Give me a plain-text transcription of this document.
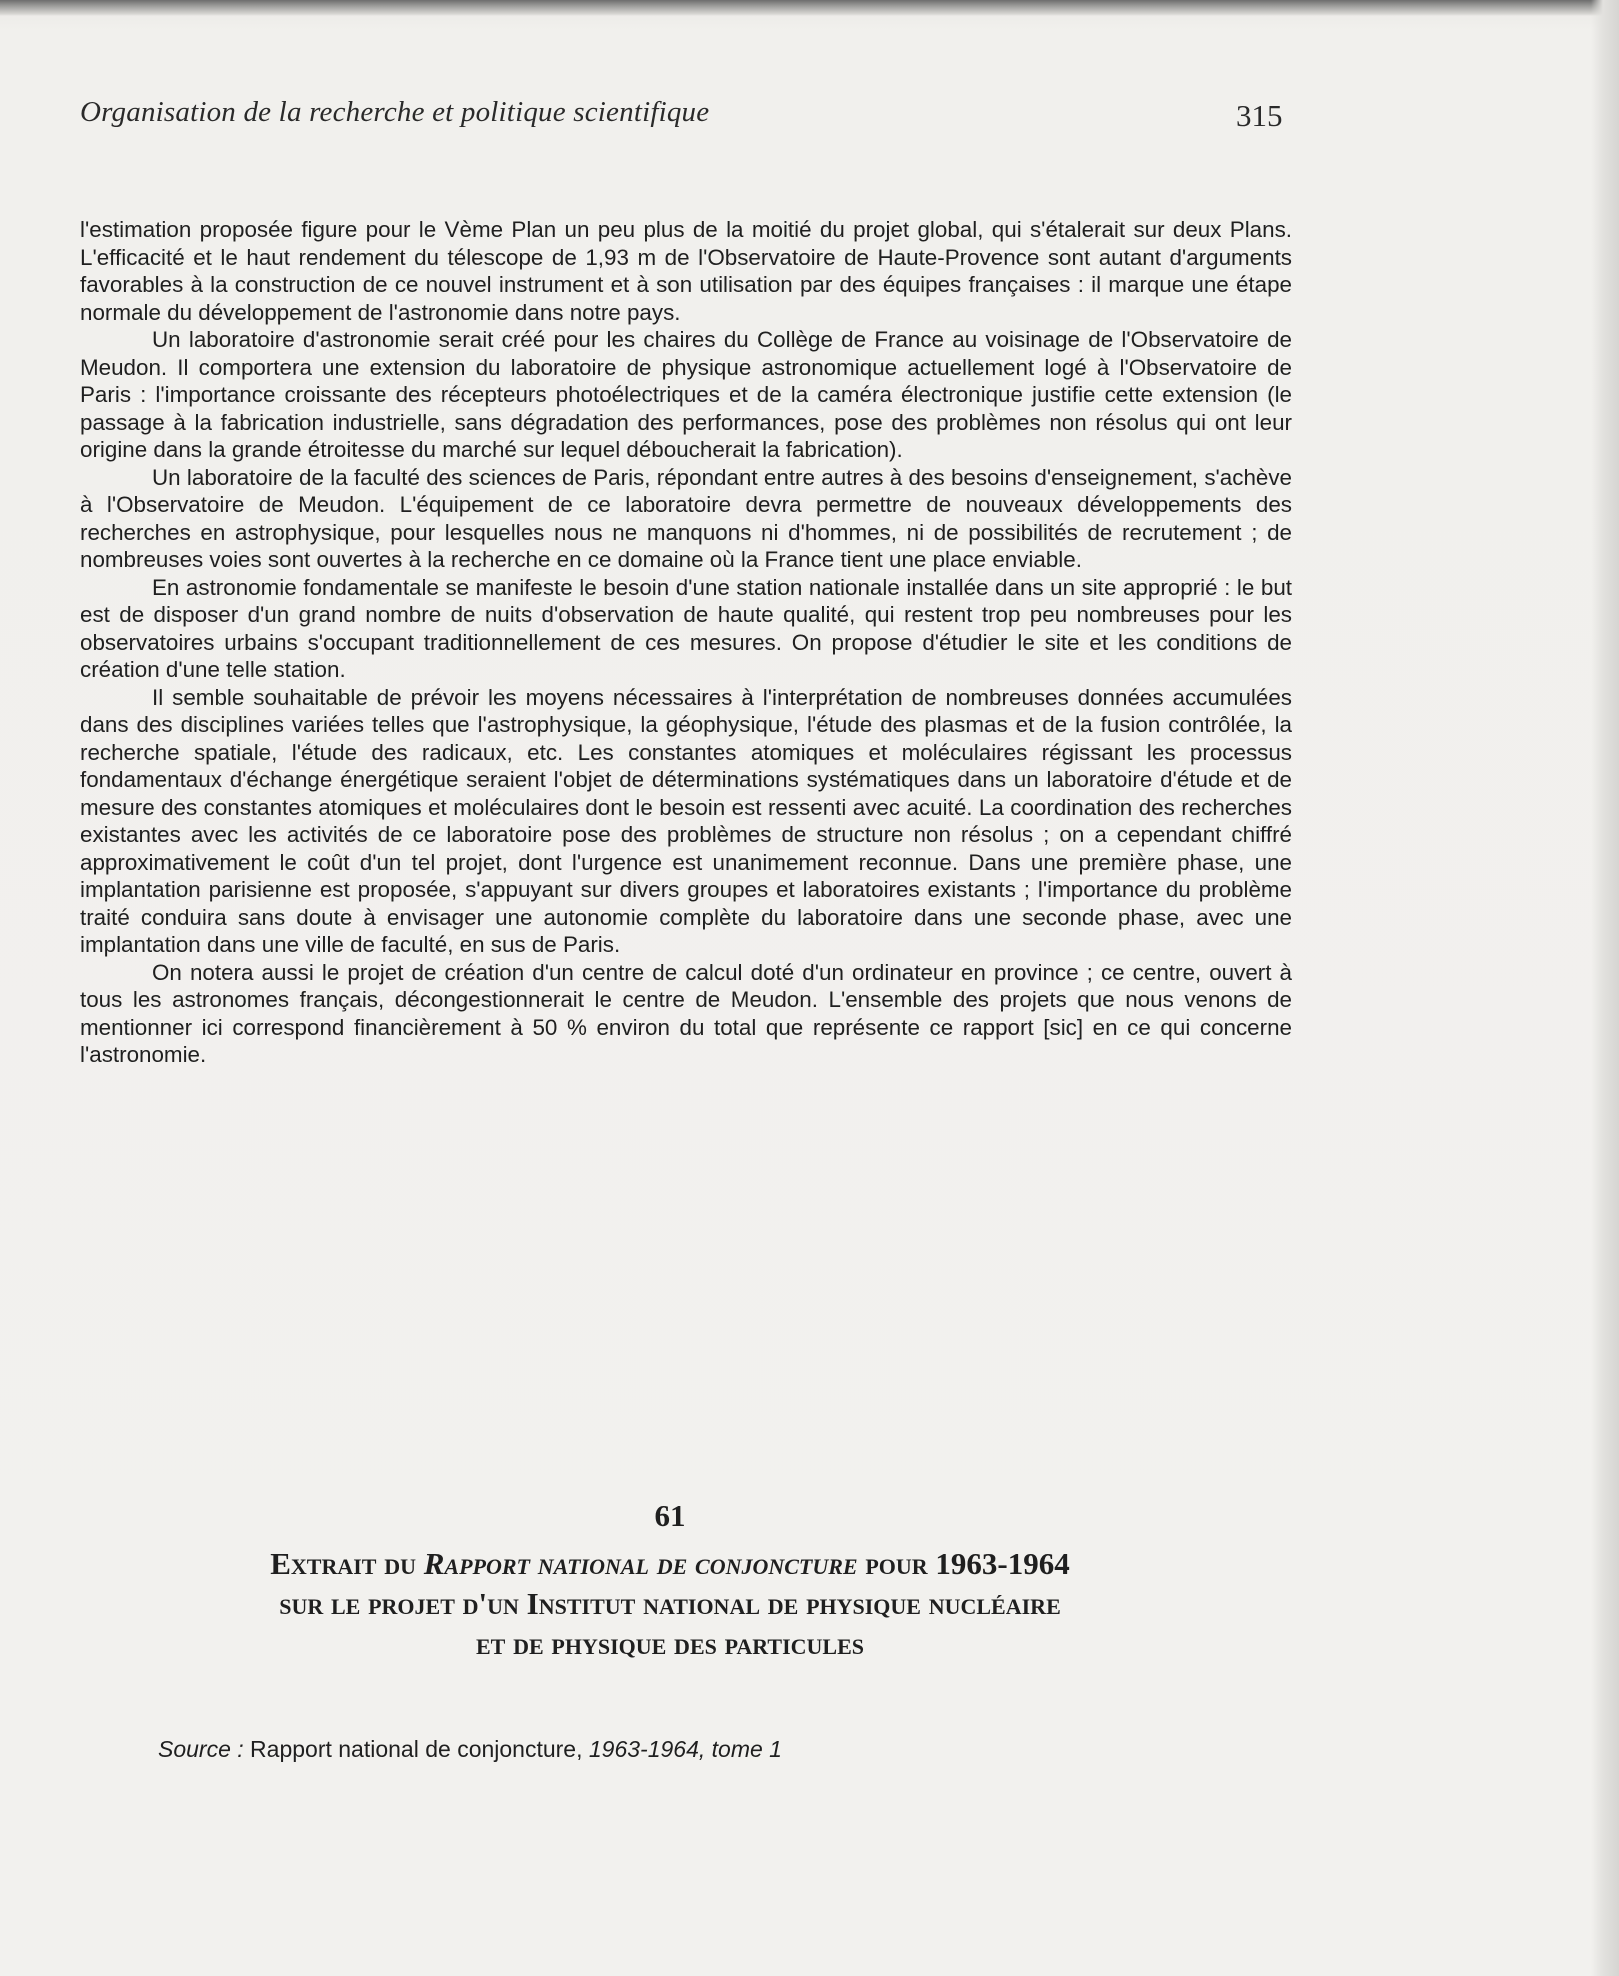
Organisation de la recherche et politique scientifique	315

l'estimation proposée figure pour le Vème Plan un peu plus de la moitié du projet global, qui s'étalerait sur deux Plans. L'efficacité et le haut rendement du télescope de 1,93 m de l'Observatoire de Haute-Provence sont autant d'arguments favorables à la construction de ce nouvel instrument et à son utilisation par des équipes françaises : il marque une étape normale du développement de l'astronomie dans notre pays.

Un laboratoire d'astronomie serait créé pour les chaires du Collège de France au voisinage de l'Observatoire de Meudon. Il comportera une extension du laboratoire de physique astronomique actuellement logé à l'Observatoire de Paris : l'importance croissante des récepteurs photoélectriques et de la caméra électronique justifie cette extension (le passage à la fabrication industrielle, sans dégradation des performances, pose des problèmes non résolus qui ont leur origine dans la grande étroitesse du marché sur lequel déboucherait la fabrication).

Un laboratoire de la faculté des sciences de Paris, répondant entre autres à des besoins d'enseignement, s'achève à l'Observatoire de Meudon. L'équipement de ce laboratoire devra permettre de nouveaux développements des recherches en astrophysique, pour lesquelles nous ne manquons ni d'hommes, ni de possibilités de recrutement ; de nombreuses voies sont ouvertes à la recherche en ce domaine où la France tient une place enviable.

En astronomie fondamentale se manifeste le besoin d'une station nationale installée dans un site approprié : le but est de disposer d'un grand nombre de nuits d'observation de haute qualité, qui restent trop peu nombreuses pour les observatoires urbains s'occupant traditionnellement de ces mesures. On propose d'étudier le site et les conditions de création d'une telle station.

Il semble souhaitable de prévoir les moyens nécessaires à l'interprétation de nombreuses données accumulées dans des disciplines variées telles que l'astrophysique, la géophysique, l'étude des plasmas et de la fusion contrôlée, la recherche spatiale, l'étude des radicaux, etc. Les constantes atomiques et moléculaires régissant les processus fondamentaux d'échange énergétique seraient l'objet de déterminations systématiques dans un laboratoire d'étude et de mesure des constantes atomiques et moléculaires dont le besoin est ressenti avec acuité. La coordination des recherches existantes avec les activités de ce laboratoire pose des problèmes de structure non résolus ; on a cependant chiffré approximativement le coût d'un tel projet, dont l'urgence est unanimement reconnue. Dans une première phase, une implantation parisienne est proposée, s'appuyant sur divers groupes et laboratoires existants ; l'importance du problème traité conduira sans doute à envisager une autonomie complète du laboratoire dans une seconde phase, avec une implantation dans une ville de faculté, en sus de Paris.

On notera aussi le projet de création d'un centre de calcul doté d'un ordinateur en province ; ce centre, ouvert à tous les astronomes français, décongestionnerait le centre de Meudon. L'ensemble des projets que nous venons de mentionner ici correspond financièrement à 50 % environ du total que représente ce rapport [sic] en ce qui concerne l'astronomie.

61
Extrait du Rapport national de conjoncture pour 1963-1964
sur le projet d'un Institut national de physique nucléaire
et de physique des particules
Source : Rapport national de conjoncture, 1963-1964, tome 1
